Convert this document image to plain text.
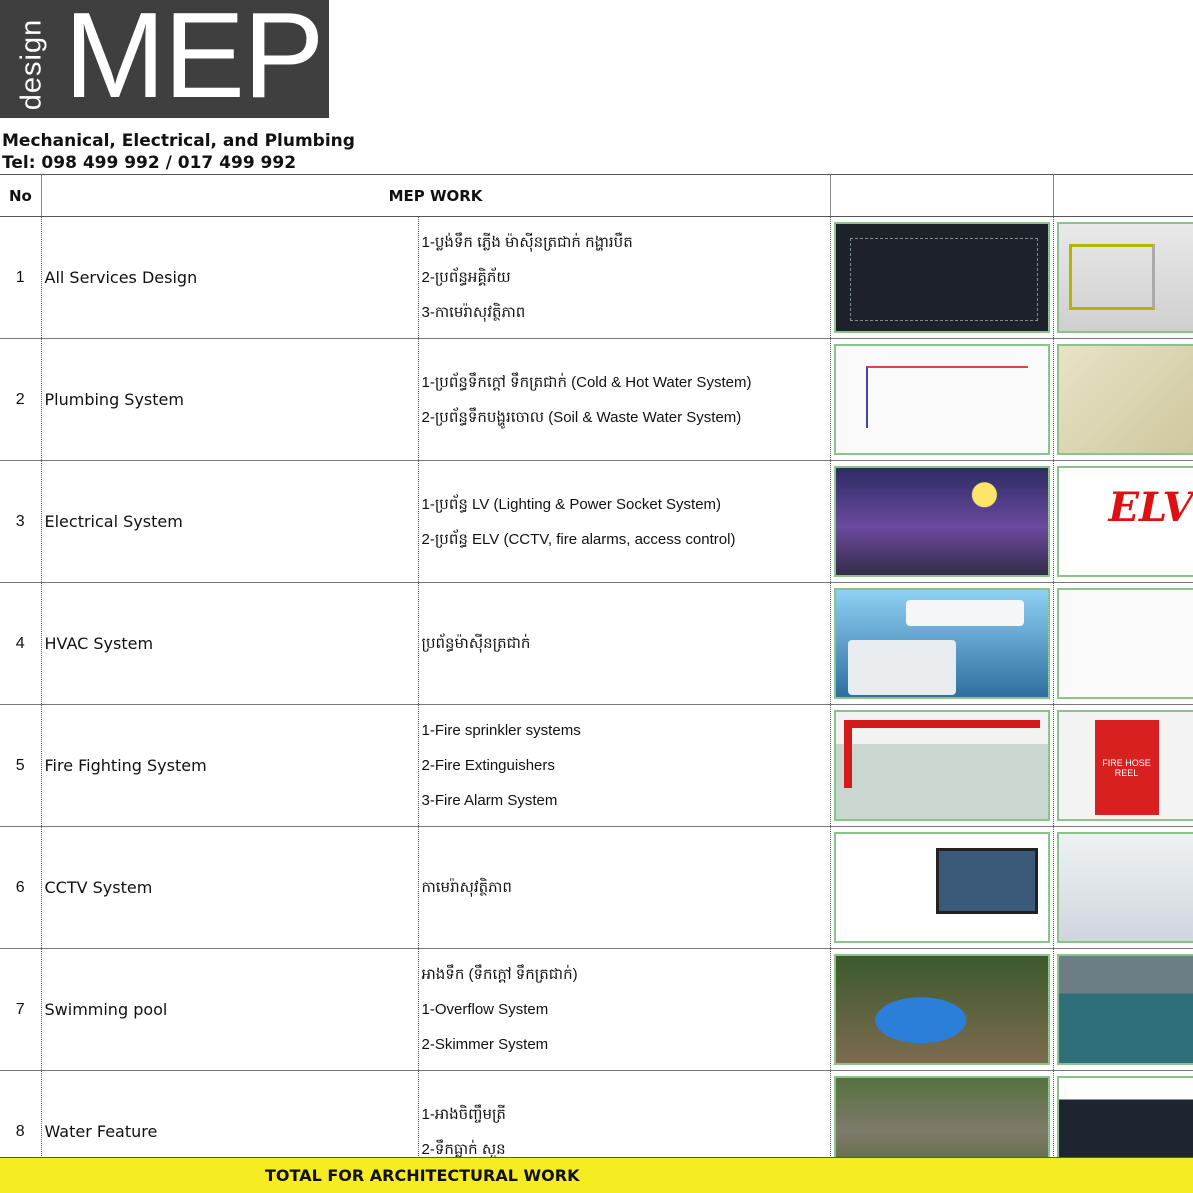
design MEP
Mechanical, Electrical, and Plumbing
Tel: 098 499 992 / 017 499 992
No	MEP WORK			
1	All Services Design	1-ប្លង់ទឹក ភ្លើង ម៉ាស៊ីនត្រជាក់ កង្ហារបឺត
2-ប្រព័ន្ធអគ្គិភ័យ
3-កាមេរ៉ាសុវត្ថិភាព		

2	Plumbing System	1-ប្រព័ន្ធទឹកក្តៅ ទឹកត្រជាក់ (Cold & Hot Water System)
2-ប្រព័ន្ធទឹកបង្ហូរចោល (Soil & Waste Water System)		

3	Electrical System	1-ប្រព័ន្ធ LV (Lighting & Power Socket System)
2-ប្រព័ន្ធ ELV (CCTV, fire alarms, access control)

ELV

4	HVAC System	ប្រព័ន្ធម៉ាស៊ីនត្រជាក់		

5	Fire Fighting System	1-Fire sprinkler systems
2-Fire Extinguishers
3-Fire Alarm System

FIRE HOSE REEL

6	CCTV System	កាមេរ៉ាសុវត្ថិភាព		

7	Swimming pool	អាងទឹក (ទឹកក្តៅ ទឹកត្រជាក់)
1-Overflow System
2-Skimmer System		

8	Water Feature	1-អាងចិញ្ចឹមត្រី
2-ទឹកធ្លាក់ សួន		

TOTAL FOR ARCHITECTURAL WORK
